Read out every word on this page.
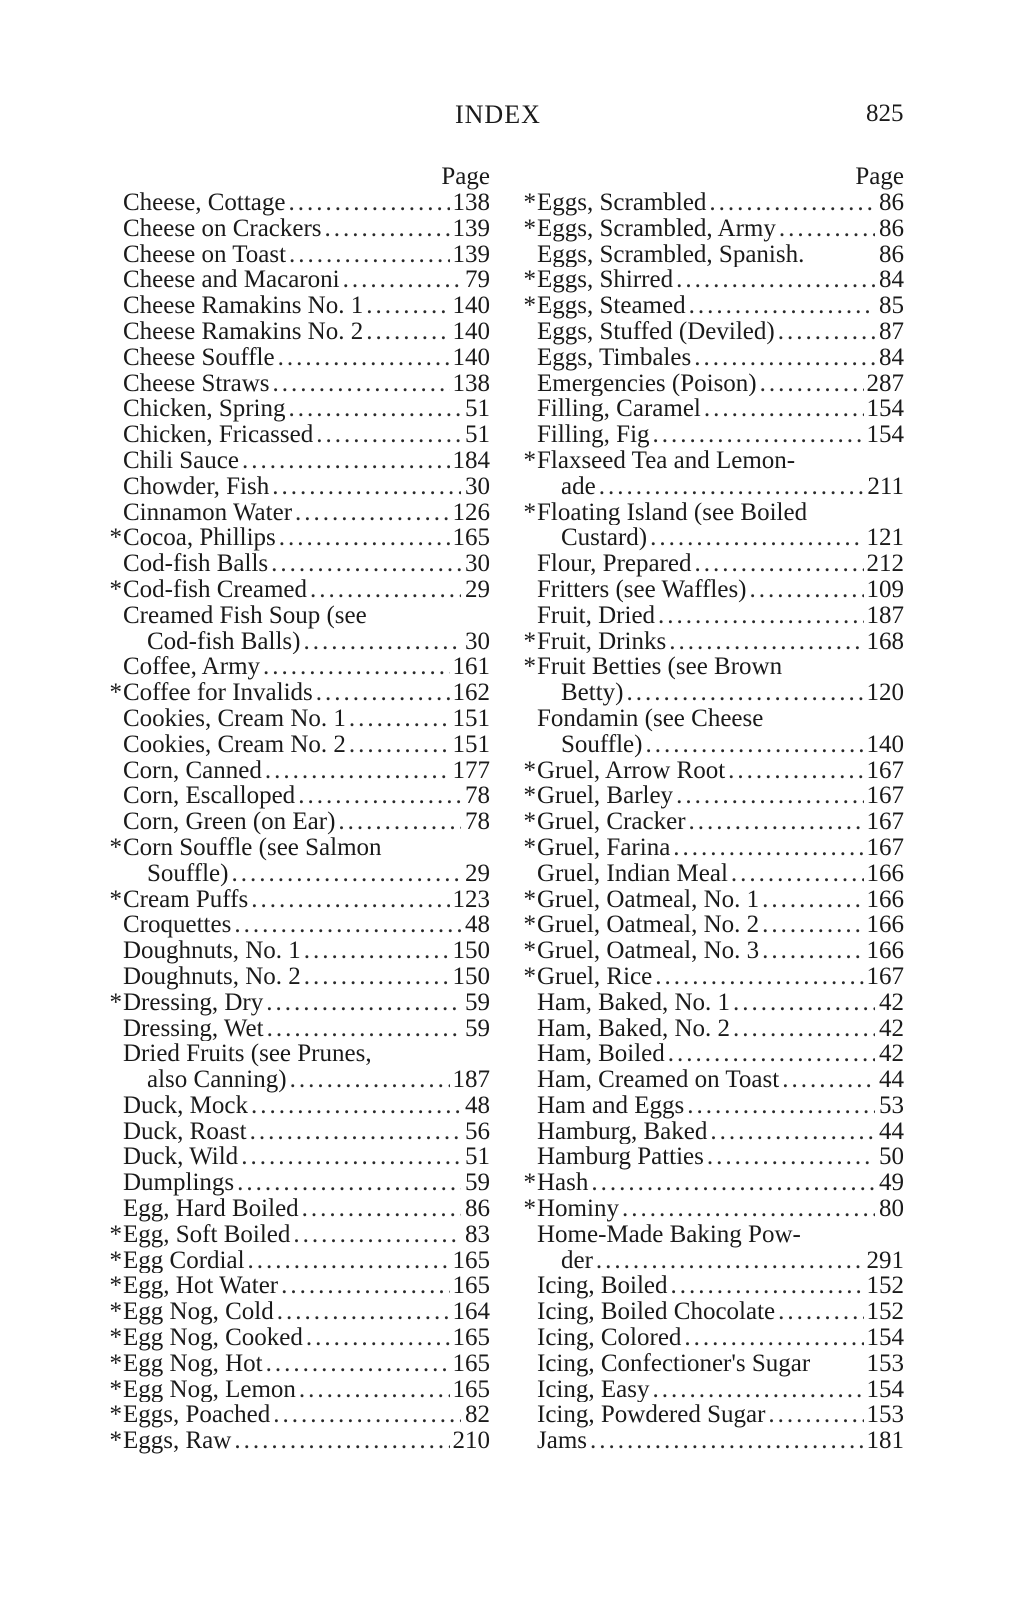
INDEX	825
Page
Cheese, Cottage .....	138
Cheese on Crackers .....	139
Cheese on Toast .....	139
Cheese and Macaroni .....	79
Cheese Ramakins No. 1 .....	140
Cheese Ramakins No. 2 .....	140
Cheese Souffle .....	140
Cheese Straws .....	138
Chicken, Spring .....	51
Chicken, Fricassed .....	51
Chili Sauce .....	184
Chowder, Fish .....	30
Cinnamon Water .....	126
* Cocoa, Phillips .....	165
Cod-fish Balls .....	30
* Cod-fish Creamed .....	29
Creamed Fish Soup (see
Cod-fish Balls) .....	30
Coffee, Army .....	161
* Coffee for Invalids .....	162
Cookies, Cream No. 1 .....	151
Cookies, Cream No. 2 .....	151
Corn, Canned .....	177
Corn, Escalloped .....	78
Corn, Green (on Ear) .....	78
* Corn Souffle (see Salmon
Souffle) .....	29
* Cream Puffs .....	123
Croquettes .....	48
Doughnuts, No. 1 .....	150
Doughnuts, No. 2 .....	150
* Dressing, Dry .....	59
Dressing, Wet .....	59
Dried Fruits (see Prunes,
also Canning) .....	187
Duck, Mock .....	48
Duck, Roast .....	56
Duck, Wild .....	51
Dumplings .....	59
Egg, Hard Boiled .....	86
* Egg, Soft Boiled .....	83
* Egg Cordial .....	165
* Egg, Hot Water .....	165
* Egg Nog, Cold .....	164
* Egg Nog, Cooked .....	165
* Egg Nog, Hot .....	165
* Egg Nog, Lemon .....	165
* Eggs, Poached .....	82
* Eggs, Raw .....	210
Page
* Eggs, Scrambled .....	86
* Eggs, Scrambled, Army .....	86
Eggs, Scrambled, Spanish.	86
* Eggs, Shirred .....	84
* Eggs, Steamed .....	85
Eggs, Stuffed (Deviled) .....	87
Eggs, Timbales .....	84
Emergencies (Poison) .....	287
Filling, Caramel .....	154
Filling, Fig .....	154
* Flaxseed Tea and Lemon-
ade .....	211
* Floating Island (see Boiled
Custard) .....	121
Flour, Prepared .....	212
Fritters (see Waffles) .....	109
Fruit, Dried .....	187
* Fruit, Drinks .....	168
* Fruit Betties (see Brown
Betty) .....	120
Fondamin (see Cheese
Souffle) .....	140
* Gruel, Arrow Root .....	167
* Gruel, Barley .....	167
* Gruel, Cracker .....	167
* Gruel, Farina .....	167
Gruel, Indian Meal .....	166
* Gruel, Oatmeal, No. 1 .....	166
* Gruel, Oatmeal, No. 2 .....	166
* Gruel, Oatmeal, No. 3 .....	166
* Gruel, Rice .....	167
Ham, Baked, No. 1 .....	42
Ham, Baked, No. 2 .....	42
Ham, Boiled .....	42
Ham, Creamed on Toast .....	44
Ham and Eggs .....	53
Hamburg, Baked .....	44
Hamburg Patties .....	50
* Hash .....	49
* Hominy .....	80
Home-Made Baking Pow-
der .....	291
Icing, Boiled .....	152
Icing, Boiled Chocolate .....	152
Icing, Colored .....	154
Icing, Confectioner's Sugar 153
Icing, Easy .....	154
Icing, Powdered Sugar .....	153
Jams .....	181
